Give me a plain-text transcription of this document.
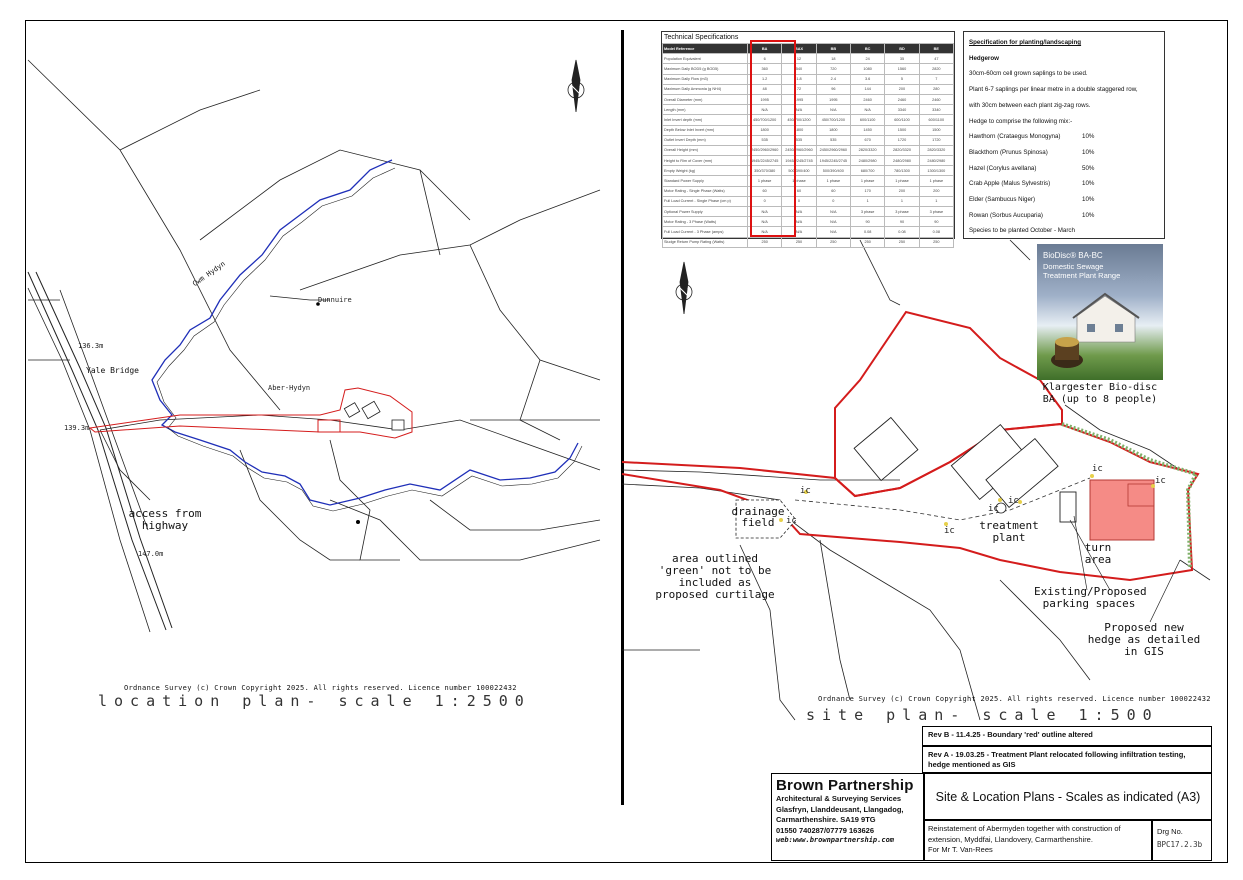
136.3m
139.3m
147.0m
Yale Bridge
Cwm Hydyn
Aber-Hydyn
Dunnuire
access from highway
Ordnance Survey (c) Crown Copyright 2025. All rights reserved. Licence number 100022432
location plan- scale 1:2500
drainage field	treatment plant
turn area
Existing/Proposed parking spaces
Proposed new hedge as detailed in GIS
area outlined 'green' not to be included as proposed curtilage
ic
ic
ic
ic
ic
ic
ic
Ordnance Survey (c) Crown Copyright 2025. All rights reserved. Licence number 100022432
site plan- scale 1:500
Technical Specifications
Model Reference	BA	BAX	BB	BC	BD	BE
Population Equivalent	6	12	18	24	35	47
Maximum Daily BOD5 (g BOD5)	360	540	720	1080	1560	2820
Maximum Daily Flow (m3)	1.2	1.8	2.4	3.6	5	7
Maximum Daily Ammonia (g NH4)	48	72	96	144	200	280
Overall Diameter (mm)	1995	1995	1995	2460	2460	2460
Length (mm)	N/A	N/A	N/A	N/A	3340	3340
Inlet Invert depth (mm)	450/700/1200	450/700/1200	450/700/1200	600/1100	600/1100	600/1100
Depth Below Inlet Invert (mm)	1800	1800	1800	1450	1500	1500
Outlet Invert Depth (mm)	535	535	535	670	1720	1720
Overall Height (mm)	2450/2960/2960	2450/2960/2960	2450/2960/2960	2820/3320	2820/3320	2820/3320
Height to Rim of Cover (mm)	1945/2245/2745	1945/2245/2745	1945/2245/2745	2480/2980	2480/2980	2480/2980
Empty Weight (kg)	350/370/380	500/390/400	500/390/400	680/700	780/1300	1300/1300
Standard Power Supply	1 phase	1 phase	1 phase	1 phase	1 phase	1 phase
Motor Rating - Single Phase (Watts)	60	60	60	170	200	200
Full Load Current - Single Phase (cm p)	0	0	0	1	1	1
Optional Power Supply	N/A	N/A	N/A	3 phase	3 phase	3 phase
Motor Rating - 3 Phase (Watts)	N/A	N/A	N/A	90	90	90
Full Load Current - 3 Phase (amps)	N/A	N/A	N/A	0.08	0.08	0.08
Sludge Return Pump Rating (Watts)	250	250	250	250	250	250
Specification for planting/landscaping
Hedgerow
30cm-60cm cell grown saplings to be used.
Plant 6-7 saplings per linear metre in a double staggered row,
with 30cm between each plant zig-zag rows.
Hedge to comprise the following mix:-
Hawthorn (Crataegus Monogyna)	10%
Blackthorn (Prunus Spinosa)	10%
Hazel (Corylus avellana)	50%
Crab Apple (Malus Sylvestris)	10%
Elder (Sambucus Niger)	10%
Rowan (Sorbus Aucuparia)	10%
Species to be planted October - March
BioDisc® BA-BC
Domestic Sewage
Treatment Plant Range
Klargester Bio-disc
BA (up to 8 people)
Rev B - 11.4.25 - Boundary 'red' outline altered
Rev A - 19.03.25 - Treatment Plant relocated following infiltration testing, hedge mentioned as GIS
Brown Partnership
Architectural & Surveying Services
Glasfryn, Llanddeusant, Llangadog,
Carmarthenshire. SA19 9TG
01550 740287/07779 163626
web:www.brownpartnership.com
Site & Location Plans - Scales as indicated (A3)
Reinstatement of Abermyden together with construction of extension, Myddfai, Llandovery, Carmarthenshire.
For Mr T. Van-Rees
Drg No.
BPC17.2.3b
